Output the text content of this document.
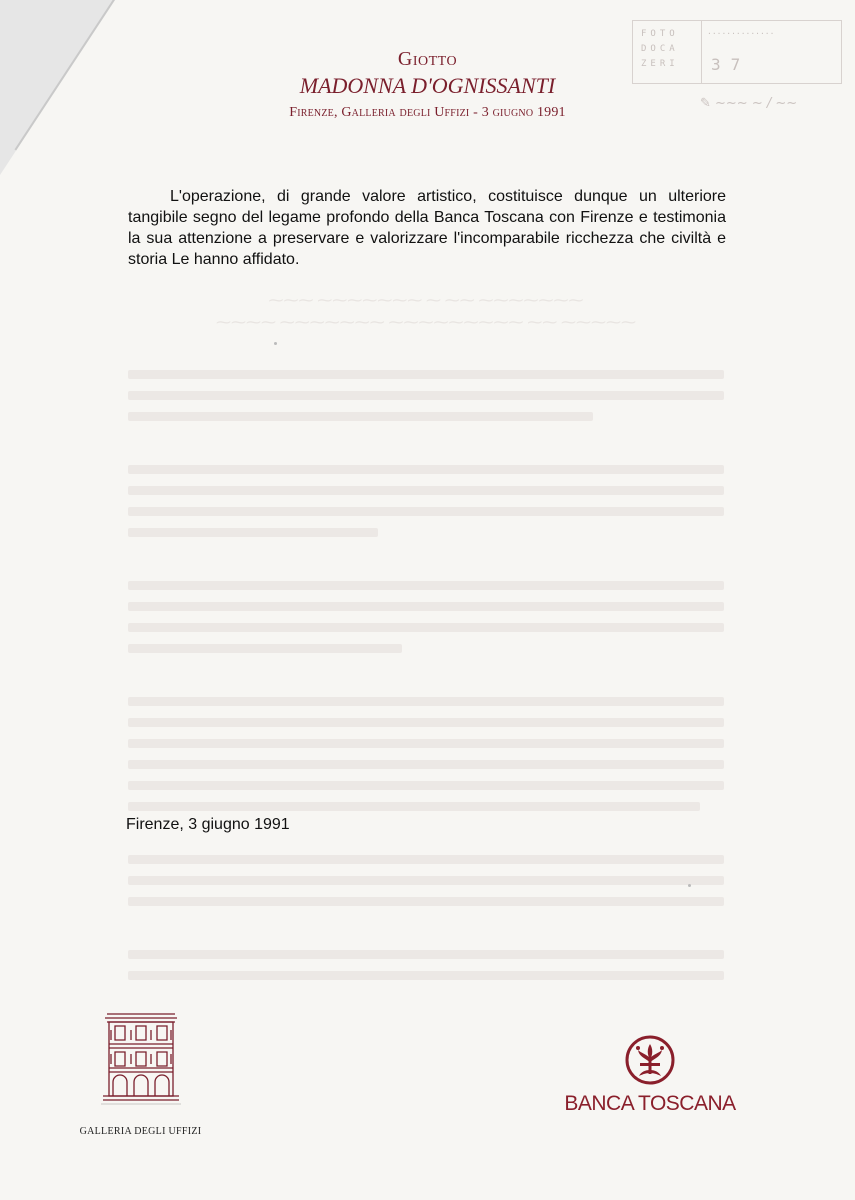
FOTO
DOCA
ZERI
..............
37
✎ ~~~ ~ / ~~
Giotto
MADONNA D'OGNISSANTI
Firenze, Galleria degli Uffizi - 3 giugno 1991
⁓⁓⁓ ⁓⁓⁓⁓⁓⁓⁓ ⁓ ⁓⁓ ⁓⁓⁓⁓⁓⁓⁓
⁓⁓⁓⁓ ⁓⁓⁓⁓⁓⁓⁓ ⁓⁓⁓⁓⁓⁓⁓⁓⁓ ⁓⁓ ⁓⁓⁓⁓⁓

L'operazione, di grande valore artistico, costituisce dunque un ulteriore tangibile segno del legame profondo della Banca Toscana con Firenze e testimonia la sua attenzione a preservare e valorizzare l'incomparabile ricchezza che civiltà e storia Le hanno affidato.

Firenze, 3 giugno 1991
GALLERIA DEGLI UFFIZI
BANCA TOSCANA
